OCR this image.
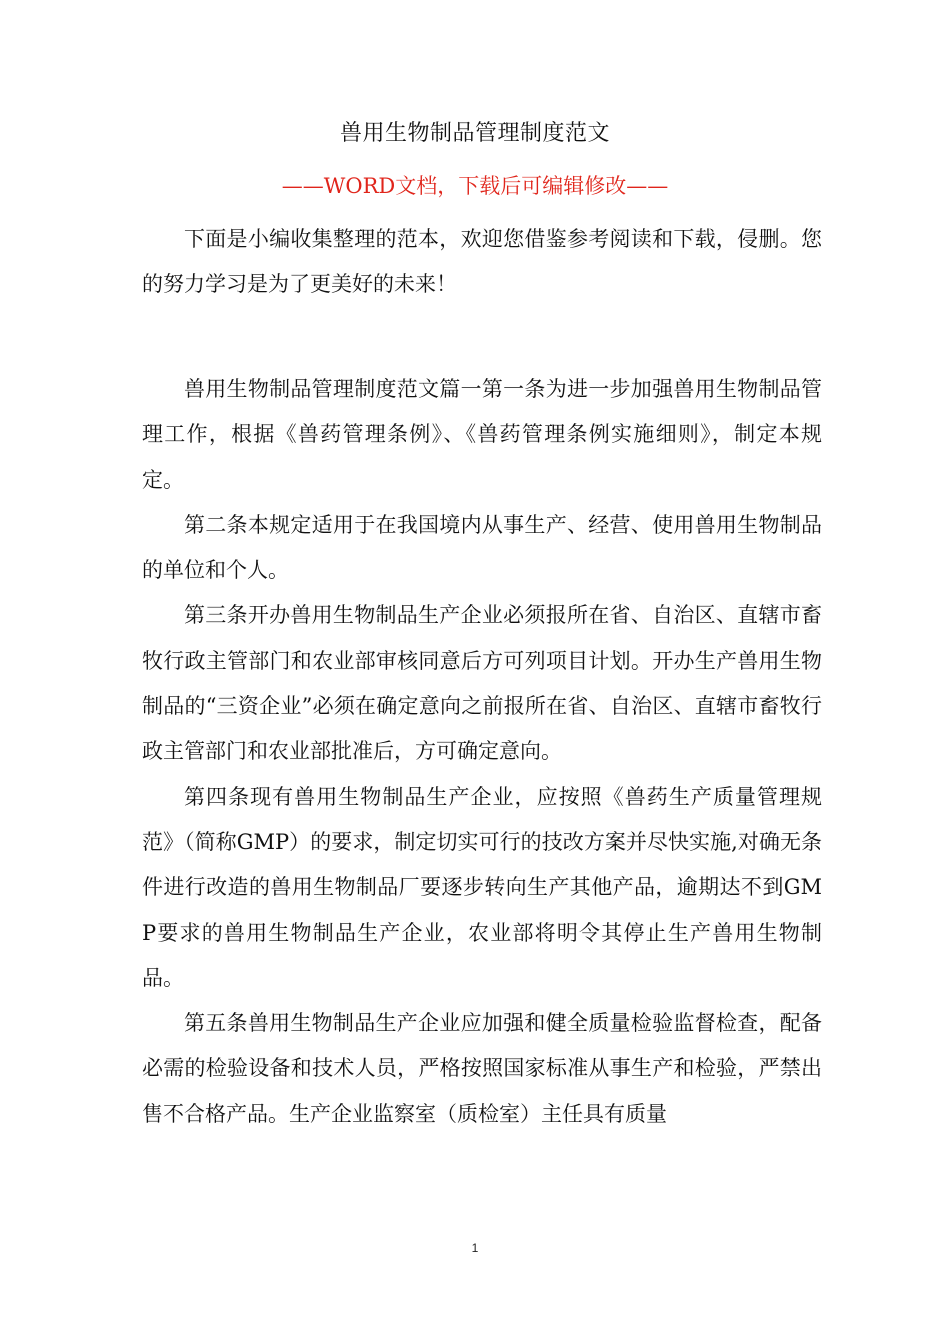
兽用生物制品管理制度范文
——WORD文档，下载后可编辑修改——

下面是小编收集整理的范本，欢迎您借鉴参考阅读和下载，侵删。您的努力学习是为了更美好的未来！

兽用生物制品管理制度范文篇一第一条为进一步加强兽用生物制品管理工作，根据《兽药管理条例》、《兽药管理条例实施细则》，制定本规定。

第二条本规定适用于在我国境内从事生产、经营、使用兽用生物制品的单位和个人。

第三条开办兽用生物制品生产企业必须报所在省、自治区、直辖市畜牧行政主管部门和农业部审核同意后方可列项目计划。开办生产兽用生物制品的“三资企业”必须在确定意向之前报所在省、自治区、直辖市畜牧行政主管部门和农业部批准后，方可确定意向。

第四条现有兽用生物制品生产企业，应按照《兽药生产质量管理规范》（简称GMP）的要求，制定切实可行的技改方案并尽快实施,对确无条件进行改造的兽用生物制品厂要逐步转向生产其他产品，逾期达不到GMP要求的兽用生物制品生产企业，农业部将明令其停止生产兽用生物制品。

第五条兽用生物制品生产企业应加强和健全质量检验监督检查，配备必需的检验设备和技术人员，严格按照国家标准从事生产和检验，严禁出售不合格产品。生产企业监察室（质检室）主任具有质量

1
